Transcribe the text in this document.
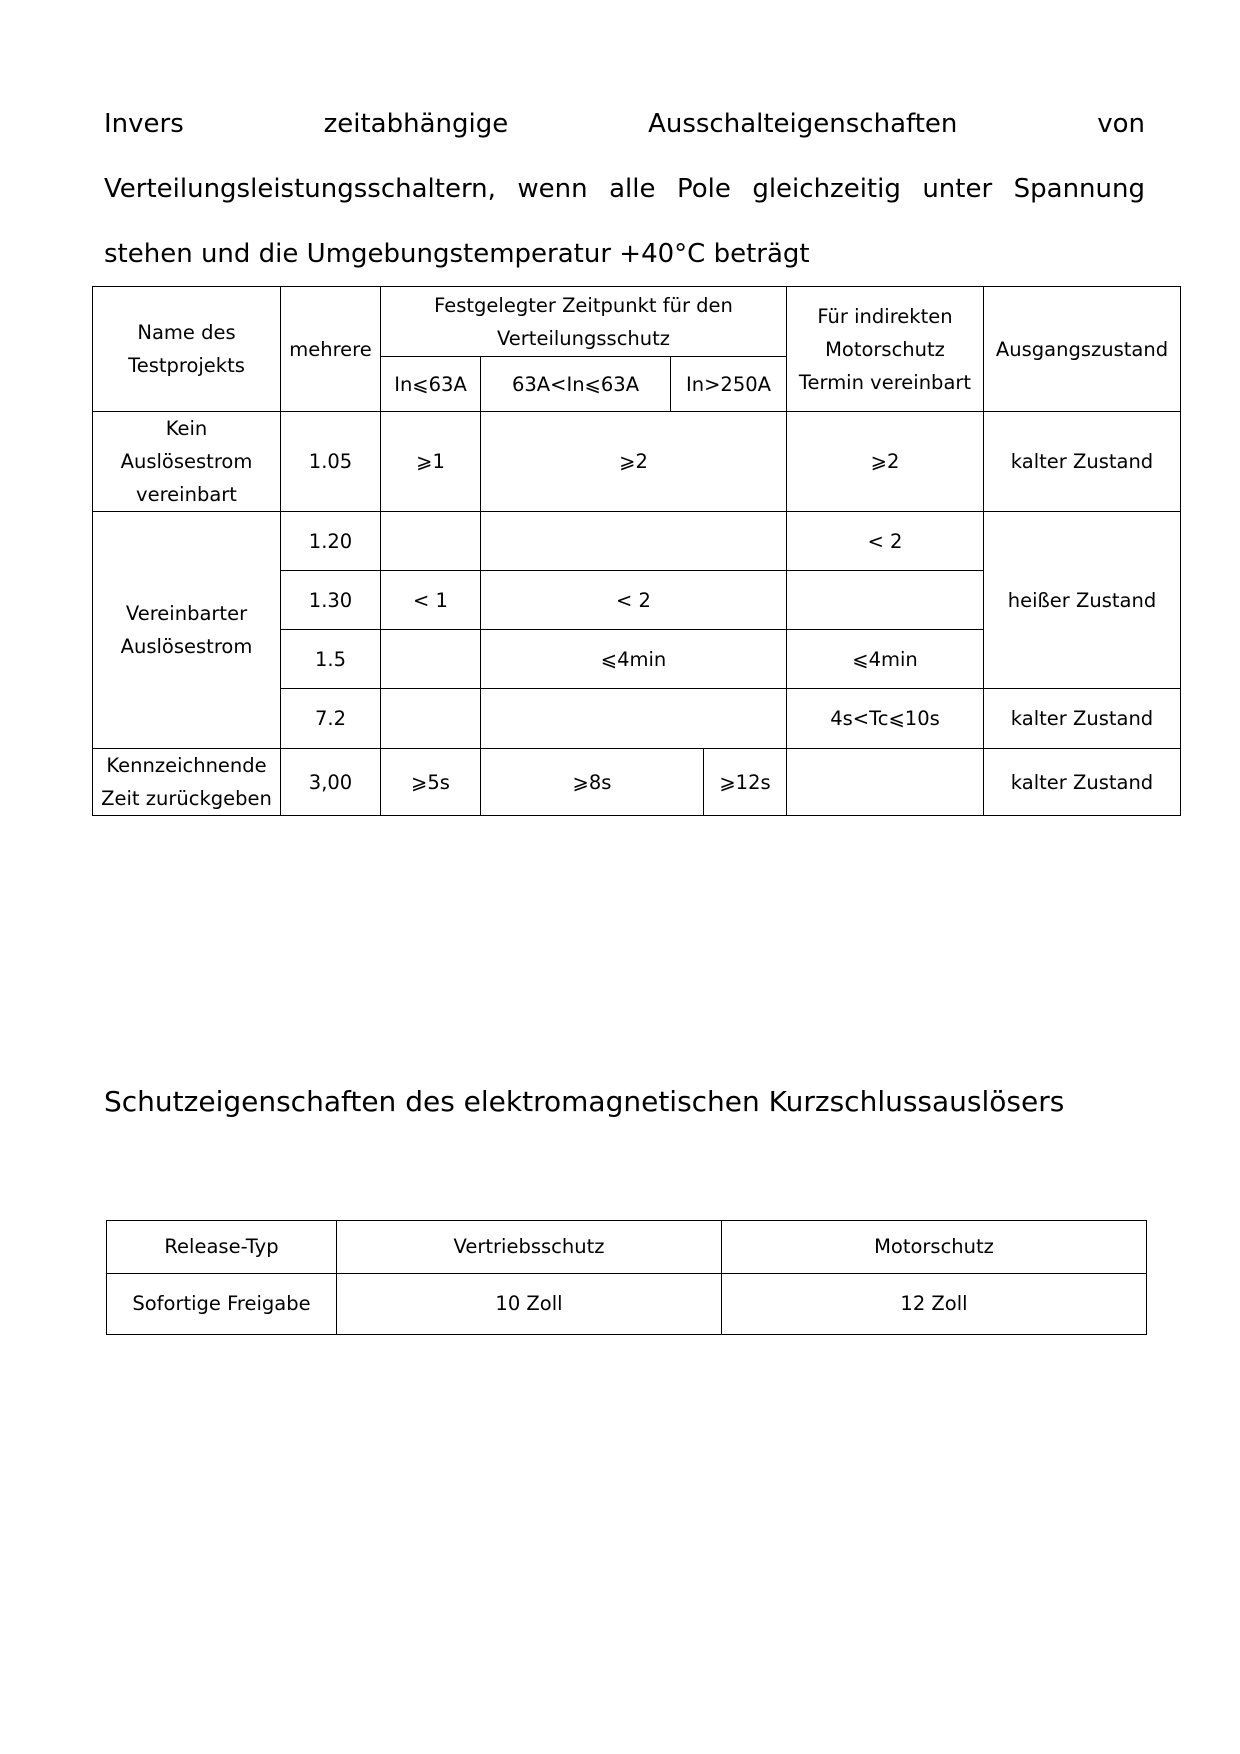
Invers zeitabhängige Ausschalteigenschaften von Verteilungsleistungsschaltern, wenn alle Pole gleichzeitig unter Spannung stehen und die Umgebungstemperatur +40°C beträgt

Name des Testprojekts	mehrere	Festgelegter Zeitpunkt für den Verteilungsschutz				Für indirekten Motorschutz Termin vereinbart	Ausgangszustand
		In⩽63A	63A<In⩽63A	In>250A			
Kein Auslösestrom vereinbart	1.05	⩾1	⩾2			⩾2	kalter Zustand
Vereinbarter Auslösestrom	1.20					< 2	heißer Zustand
	1.30	< 1	< 2				
	1.5		⩽4min			⩽4min	
	7.2					4s<Tc⩽10s	kalter Zustand
Kennzeichnende Zeit zurückgeben	3,00	⩾5s	⩾8s		⩾12s		kalter Zustand
Schutzeigenschaften des elektromagnetischen Kurzschlussauslösers
Release-Typ	Vertriebsschutz	Motorschutz
Sofortige Freigabe	10 Zoll	12 Zoll
